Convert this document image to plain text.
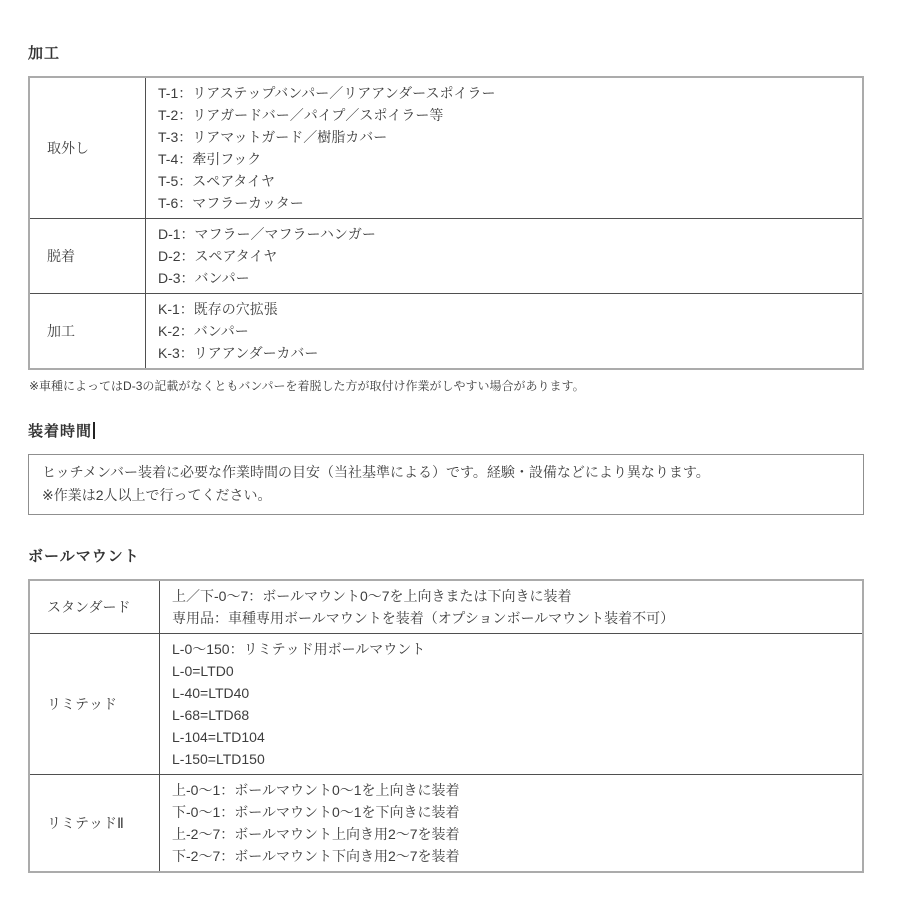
加工
取外し
T-1：リアステップバンパー／リアアンダースポイラー
T-2：リアガードバー／パイプ／スポイラー等
T-3：リアマットガード／樹脂カバー
T-4：牽引フック
T-5：スペアタイヤ
T-6：マフラーカッター
脱着
D-1：マフラー／マフラーハンガー
D-2：スペアタイヤ
D-3：バンパー
加工
K-1：既存の穴拡張
K-2：バンパー
K-3：リアアンダーカバー
※車種によってはD-3の記載がなくともバンパーを着脱した方が取付け作業がしやすい場合があります。
装着時間
ヒッチメンバー装着に必要な作業時間の目安（当社基準による）です。経験・設備などにより異なります。
※作業は2人以上で行ってください。
ボールマウント
スタンダード
上／下-0～7：ボールマウント0～7を上向きまたは下向きに装着
専用品：車種専用ボールマウントを装着（オプションボールマウント装着不可）
リミテッド
L-0～150：リミテッド用ボールマウント
L-0=LTD0
L-40=LTD40
L-68=LTD68
L-104=LTD104
L-150=LTD150
リミテッドⅡ
上-0～1：ボールマウント0～1を上向きに装着
下-0～1：ボールマウント0～1を下向きに装着
上-2～7：ボールマウント上向き用2～7を装着
下-2～7：ボールマウント下向き用2～7を装着
